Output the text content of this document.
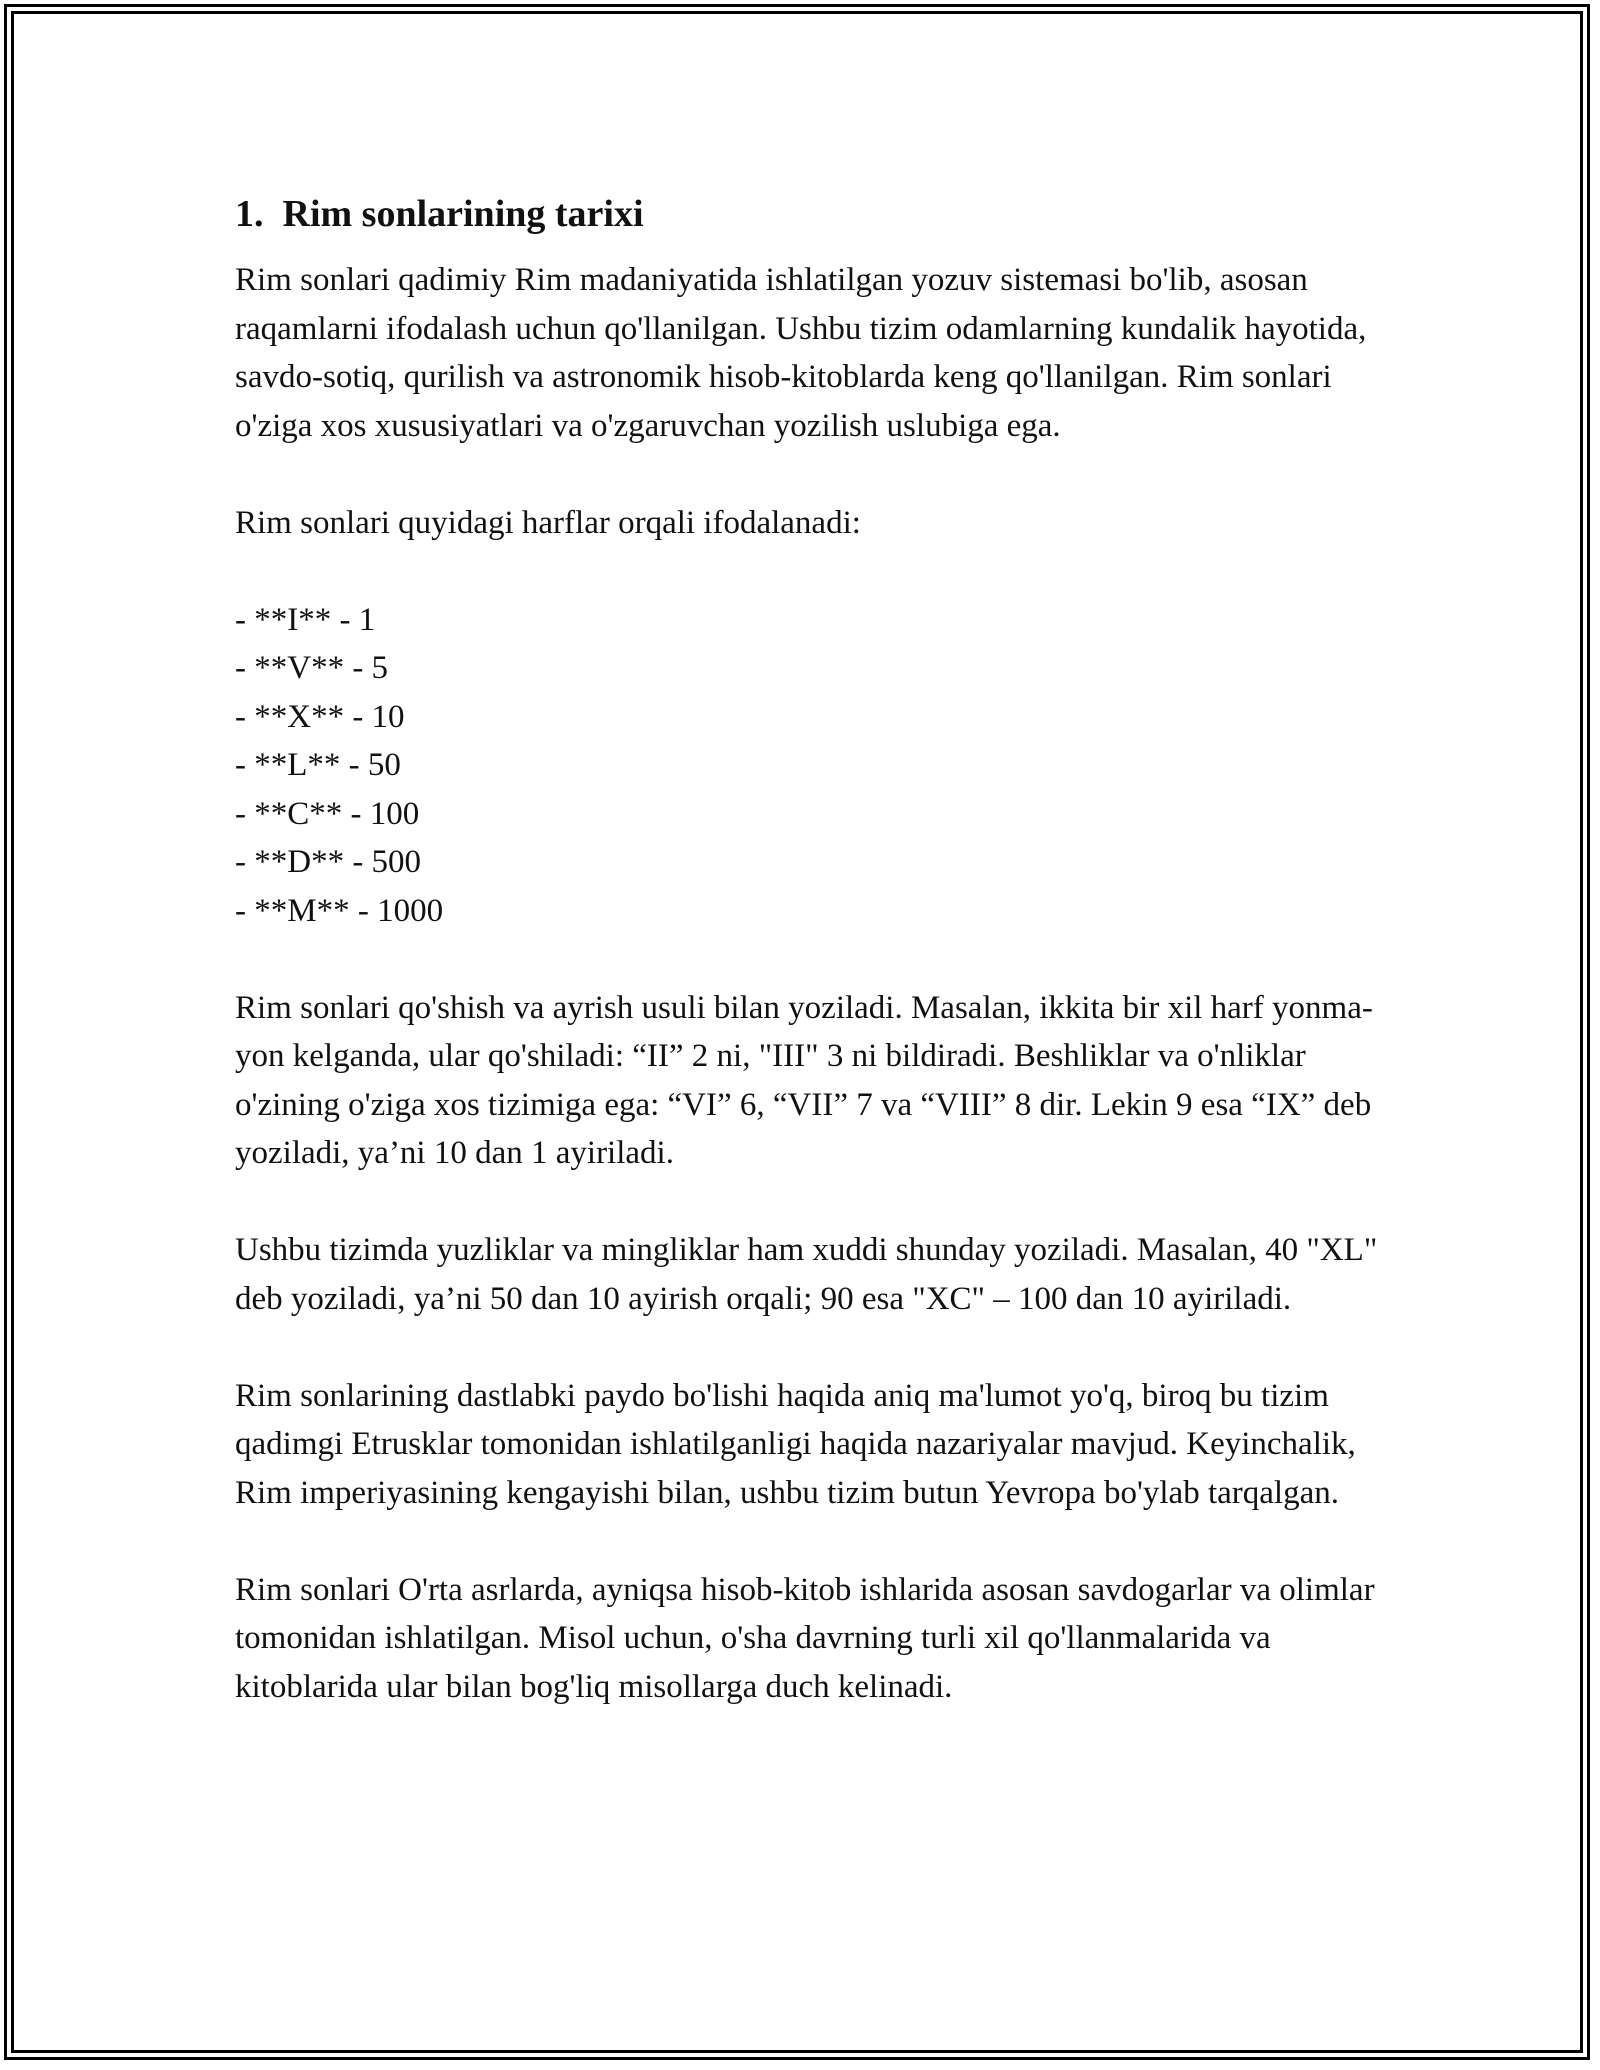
1.  Rim sonlarining tarixi

Rim sonlari qadimiy Rim madaniyatida ishlatilgan yozuv sistemasi bo'lib, asosan raqamlarni ifodalash uchun qo'llanilgan. Ushbu tizim odamlarning kundalik hayotida, savdo-sotiq, qurilish va astronomik hisob-kitoblarda keng qo'llanilgan. Rim sonlari o'ziga xos xususiyatlari va o'zgaruvchan yozilish uslubiga ega.

Rim sonlari quyidagi harflar orqali ifodalanadi:

- **I** - 1
- **V** - 5
- **X** - 10
- **L** - 50
- **C** - 100
- **D** - 500
- **M** - 1000

Rim sonlari qo'shish va ayrish usuli bilan yoziladi. Masalan, ikkita bir xil harf yonma-yon kelganda, ular qo'shiladi: “II” 2 ni, "III" 3 ni bildiradi. Beshliklar va o'nliklar o'zining o'ziga xos tizimiga ega: “VI” 6, “VII” 7 va “VIII” 8 dir. Lekin 9 esa “IX” deb yoziladi, ya’ni 10 dan 1 ayiriladi.

Ushbu tizimda yuzliklar va mingliklar ham xuddi shunday yoziladi. Masalan, 40 "XL" deb yoziladi, ya’ni 50 dan 10 ayirish orqali; 90 esa "XC" – 100 dan 10 ayiriladi.

Rim sonlarining dastlabki paydo bo'lishi haqida aniq ma'lumot yo'q, biroq bu tizim qadimgi Etrusklar tomonidan ishlatilganligi haqida nazariyalar mavjud. Keyinchalik, Rim imperiyasining kengayishi bilan, ushbu tizim butun Yevropa bo'ylab tarqalgan.

Rim sonlari O'rta asrlarda, ayniqsa hisob-kitob ishlarida asosan savdogarlar va olimlar tomonidan ishlatilgan. Misol uchun, o'sha davrning turli xil qo'llanmalarida va kitoblarida ular bilan bog'liq misollarga duch kelinadi.
